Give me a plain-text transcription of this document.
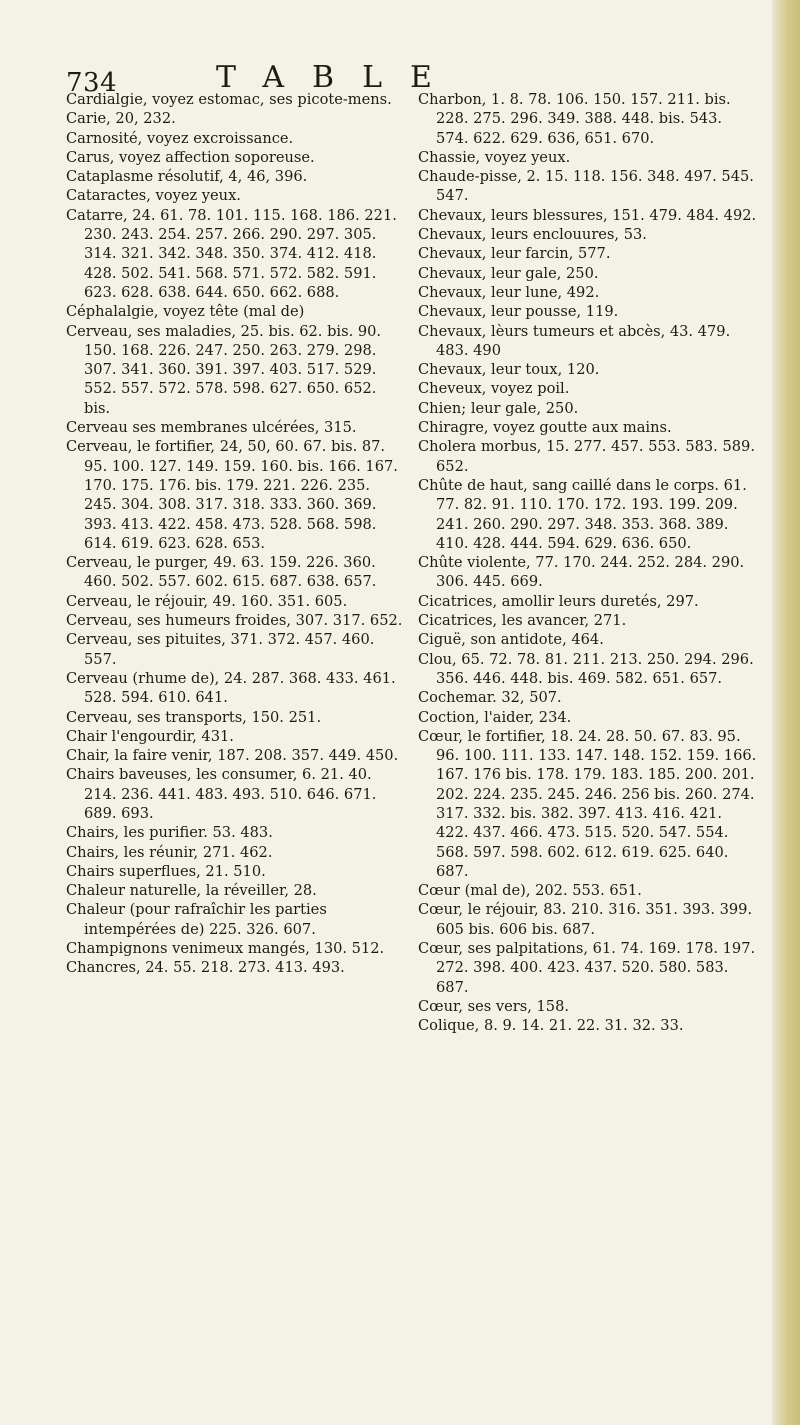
734	TABLE

Cardialgie, voyez estomac, ses picote-mens.

Carie, 20, 232.

Carnosité, voyez excroissance.

Carus, voyez affection soporeuse.

Cataplasme résolutif, 4, 46, 396.

Cataractes, voyez yeux.

Catarre, 24. 61. 78. 101. 115. 168. 186. 221. 230. 243. 254. 257. 266. 290. 297. 305. 314. 321. 342. 348. 350. 374. 412. 418. 428. 502. 541. 568. 571. 572. 582. 591. 623. 628. 638. 644. 650. 662. 688.

Céphalalgie, voyez tête (mal de)

Cerveau, ses maladies, 25. bis. 62. bis. 90. 150. 168. 226. 247. 250. 263. 279. 298. 307. 341. 360. 391. 397. 403. 517. 529. 552. 557. 572. 578. 598. 627. 650. 652. bis.

Cerveau ses membranes ulcérées, 315.

Cerveau, le fortifier, 24, 50, 60. 67. bis. 87. 95. 100. 127. 149. 159. 160. bis. 166. 167. 170. 175. 176. bis. 179. 221. 226. 235. 245. 304. 308. 317. 318. 333. 360. 369. 393. 413. 422. 458. 473. 528. 568. 598. 614. 619. 623. 628. 653.

Cerveau, le purger, 49. 63. 159. 226. 360. 460. 502. 557. 602. 615. 687. 638. 657.

Cerveau, le réjouir, 49. 160. 351. 605.

Cerveau, ses humeurs froides, 307. 317. 652.

Cerveau, ses pituites, 371. 372. 457. 460. 557.

Cerveau (rhume de), 24. 287. 368. 433. 461. 528. 594. 610. 641.

Cerveau, ses transports, 150. 251.

Chair l'engourdir, 431.

Chair, la faire venir, 187. 208. 357. 449. 450.

Chairs baveuses, les consumer, 6. 21. 40. 214. 236. 441. 483. 493. 510. 646. 671. 689. 693.

Chairs, les purifier. 53. 483.

Chairs, les réunir, 271. 462.

Chairs superflues, 21. 510.

Chaleur naturelle, la réveiller, 28.

Chaleur (pour rafraîchir les parties intempérées de) 225. 326. 607.

Champignons venimeux mangés, 130. 512.

Chancres, 24. 55. 218. 273. 413. 493.

Charbon, 1. 8. 78. 106. 150. 157. 211. bis. 228. 275. 296. 349. 388. 448. bis. 543. 574. 622. 629. 636, 651. 670.

Chassie, voyez yeux.

Chaude-pisse, 2. 15. 118. 156. 348. 497. 545. 547.

Chevaux, leurs blessures, 151. 479. 484. 492.

Chevaux, leurs enclouures, 53.

Chevaux, leur farcin, 577.

Chevaux, leur gale, 250.

Chevaux, leur lune, 492.

Chevaux, leur pousse, 119.

Chevaux, lèurs tumeurs et abcès, 43. 479. 483. 490

Chevaux, leur toux, 120.

Cheveux, voyez poil.

Chien; leur gale, 250.

Chiragre, voyez goutte aux mains.

Cholera morbus, 15. 277. 457. 553. 583. 589. 652.

Chûte de haut, sang caillé dans le corps. 61. 77. 82. 91. 110. 170. 172. 193. 199. 209. 241. 260. 290. 297. 348. 353. 368. 389. 410. 428. 444. 594. 629. 636. 650.

Chûte violente, 77. 170. 244. 252. 284. 290. 306. 445. 669.

Cicatrices, amollir leurs duretés, 297.

Cicatrices, les avancer, 271.

Ciguë, son antidote, 464.

Clou, 65. 72. 78. 81. 211. 213. 250. 294. 296. 356. 446. 448. bis. 469. 582. 651. 657.

Cochemar. 32, 507.

Coction, l'aider, 234.

Cœur, le fortifier, 18. 24. 28. 50. 67. 83. 95. 96. 100. 111. 133. 147. 148. 152. 159. 166. 167. 176 bis. 178. 179. 183. 185. 200. 201. 202. 224. 235. 245. 246. 256 bis. 260. 274. 317. 332. bis. 382. 397. 413. 416. 421. 422. 437. 466. 473. 515. 520. 547. 554. 568. 597. 598. 602. 612. 619. 625. 640. 687.

Cœur (mal de), 202. 553. 651.

Cœur, le réjouir, 83. 210. 316. 351. 393. 399. 605 bis. 606 bis. 687.

Cœur, ses palpitations, 61. 74. 169. 178. 197. 272. 398. 400. 423. 437. 520. 580. 583. 687.

Cœur, ses vers, 158.

Colique, 8. 9. 14. 21. 22. 31. 32. 33.
